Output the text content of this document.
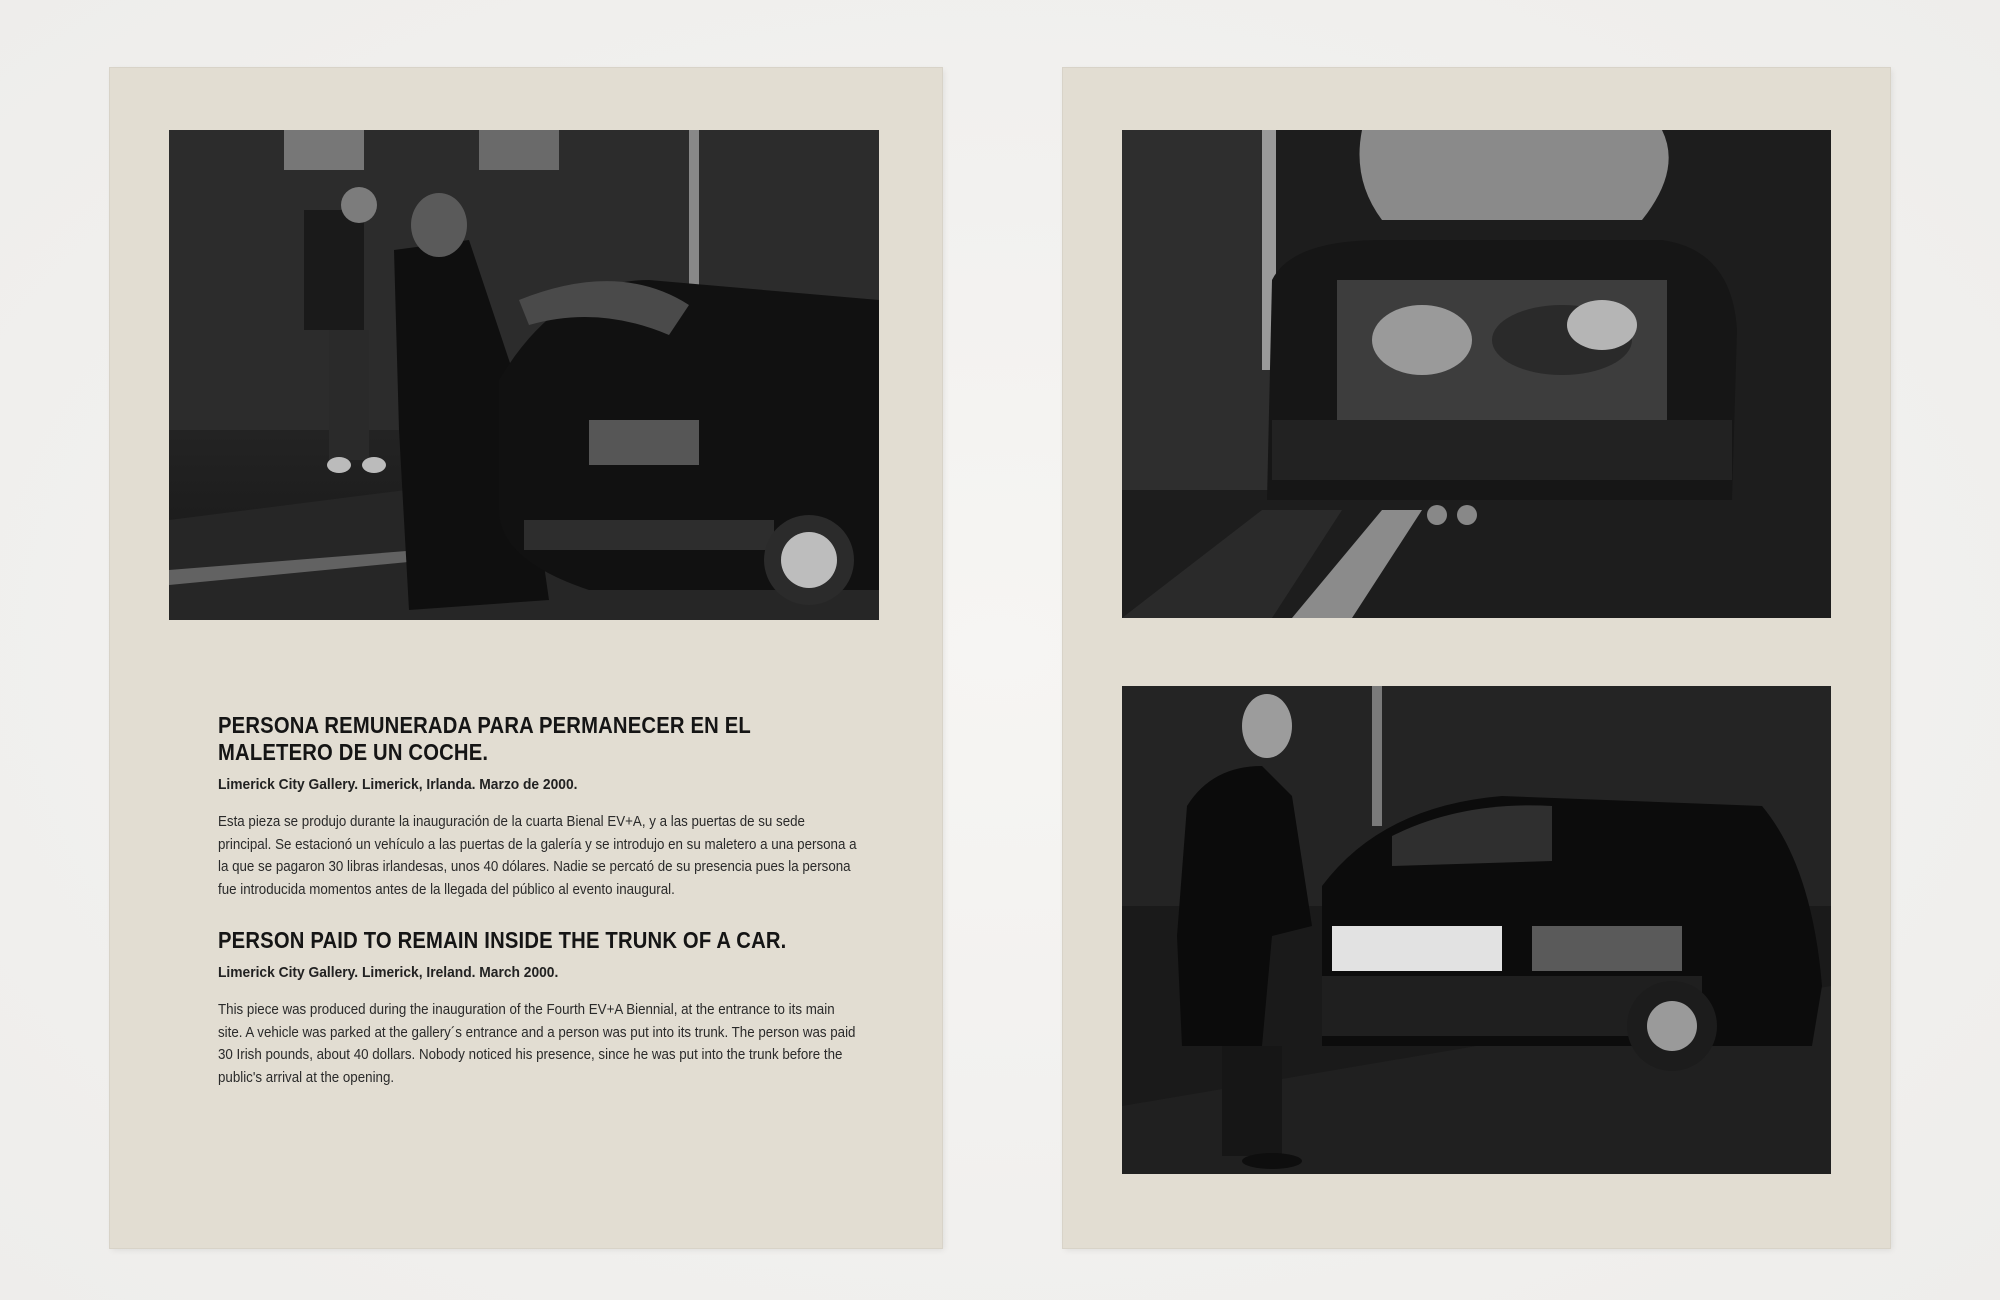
PERSONA REMUNERADA PARA PERMANECER EN EL MALETERO DE UN COCHE.

Limerick City Gallery. Limerick, Irlanda. Marzo de 2000.

Esta pieza se produjo durante la inauguración de la cuarta Bienal EV+A, y a las puertas de su sede principal. Se estacionó un vehículo a las puertas de la galería y se introdujo en su maletero a una persona a la que se pagaron 30 libras irlandesas, unos 40 dólares. Nadie se percató de su presencia pues la persona fue introducida momentos antes de la llegada del público al evento inaugural.

PERSON PAID TO REMAIN INSIDE THE TRUNK OF A CAR.

Limerick City Gallery. Limerick, Ireland. March 2000.

This piece was produced during the inauguration of the Fourth EV+A Biennial, at the entrance to its main site. A vehicle was parked at the gallery´s entrance and a person was put into its trunk. The person was paid 30 Irish pounds, about 40 dollars. Nobody noticed his presence, since he was put into the trunk before the public's arrival at the opening.
